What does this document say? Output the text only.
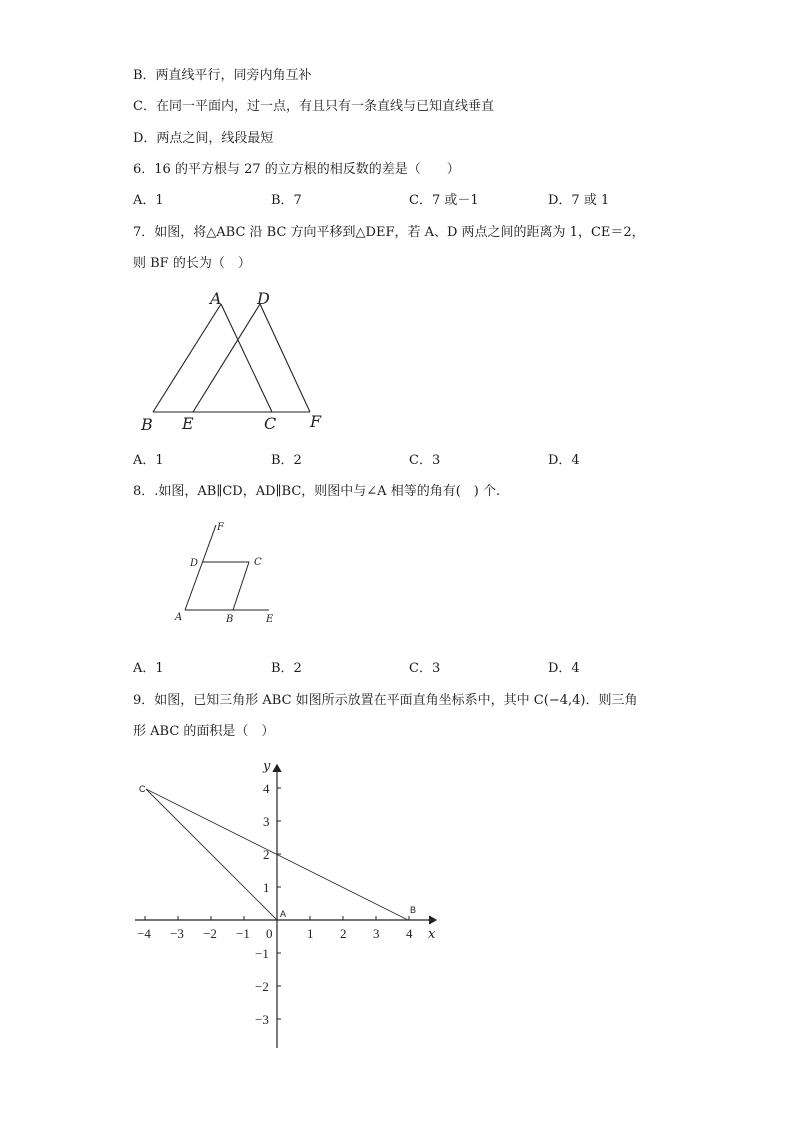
B．两直线平行，同旁内角互补
C．在同一平面内，过一点，有且只有一条直线与已知直线垂直
D．两点之间，线段最短
6．16 的平方根与 27 的立方根的相反数的差是（　　）
A．1	B．7	C．7 或－1	D．7 或 1
7．如图，将△ABC 沿 BC 方向平移到△DEF，若 A、D 两点之间的距离为 1，CE＝2，
则 BF 的长为（　）
A D
B E	C F
A．1	B．2	C．3	D．4
8．.如图，AB∥CD，AD∥BC，则图中与∠A 相等的角有(　) 个.
F
D	C
A	B	E
A．1	B．2	C．3	D．4
9．如图，已知三角形 ABC 如图所示放置在平面直角坐标系中，其中 C(−4,4)．则三角
形 ABC 的面积是（　）
−4 −3 −2 −1 0	1 2 3 4
4
3
2
1
−1
−2
−3
x
y
C
A	B
